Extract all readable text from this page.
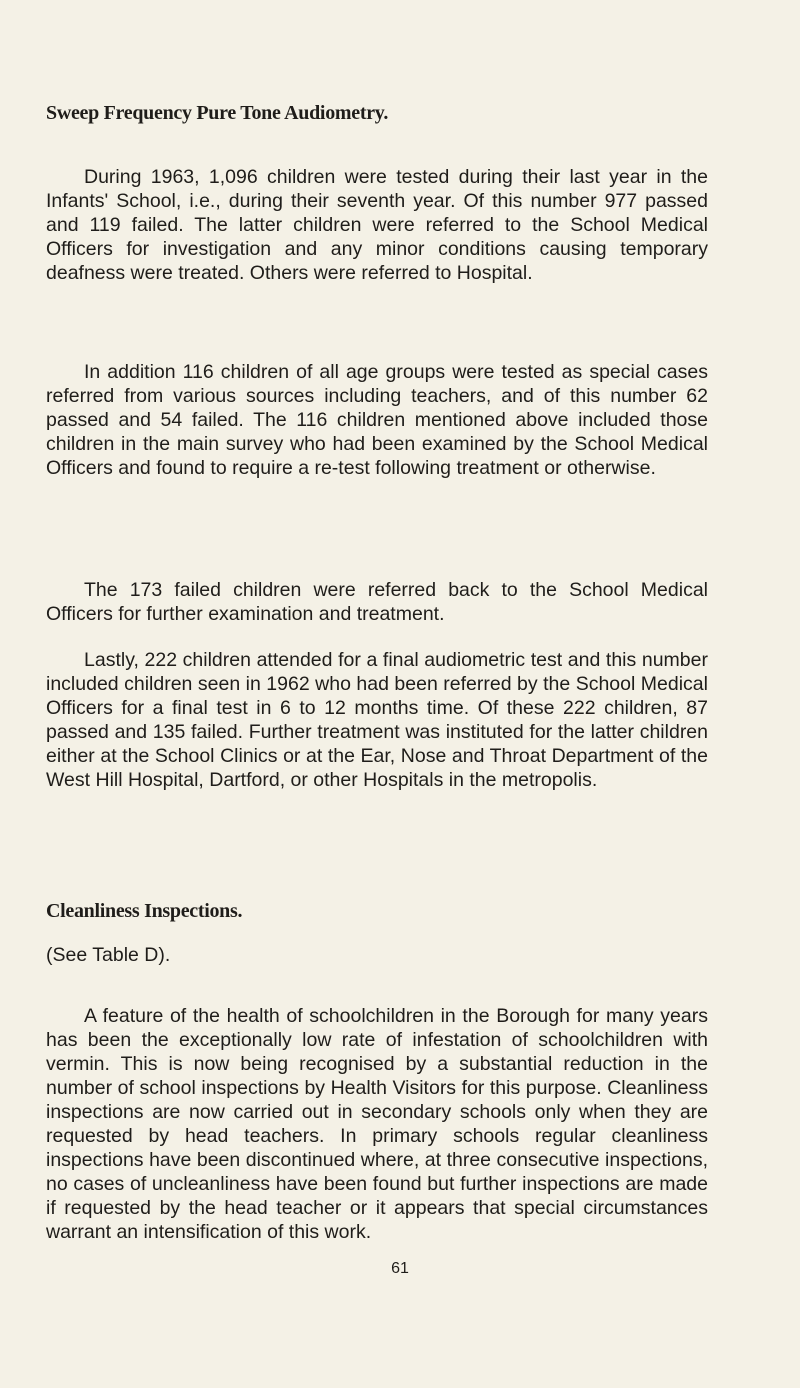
Sweep Frequency Pure Tone Audiometry.

During 1963, 1,096 children were tested during their last year in the Infants' School, i.e., during their seventh year. Of this number 977 passed and 119 failed. The latter children were referred to the School Medical Officers for investigation and any minor conditions causing temporary deafness were treated. Others were referred to Hospital.

In addition 116 children of all age groups were tested as special cases referred from various sources including teachers, and of this number 62 passed and 54 failed. The 116 children mentioned above included those children in the main survey who had been examined by the School Medical Officers and found to require a re-test following treatment or otherwise.

The 173 failed children were referred back to the School Medical Officers for further examination and treatment.

Lastly, 222 children attended for a final audiometric test and this number included children seen in 1962 who had been referred by the School Medical Officers for a final test in 6 to 12 months time. Of these 222 children, 87 passed and 135 failed. Further treatment was instituted for the latter children either at the School Clinics or at the Ear, Nose and Throat Department of the West Hill Hospital, Dartford, or other Hospitals in the metropolis.

Cleanliness Inspections.

(See Table D).

A feature of the health of schoolchildren in the Borough for many years has been the exceptionally low rate of infestation of schoolchildren with vermin. This is now being recognised by a substantial reduction in the number of school inspections by Health Visitors for this purpose. Cleanliness inspections are now carried out in secondary schools only when they are requested by head teachers. In primary schools regular cleanliness inspections have been discontinued where, at three consecutive inspections, no cases of uncleanliness have been found but further inspections are made if requested by the head teacher or it appears that special circumstances warrant an intensification of this work.

61
